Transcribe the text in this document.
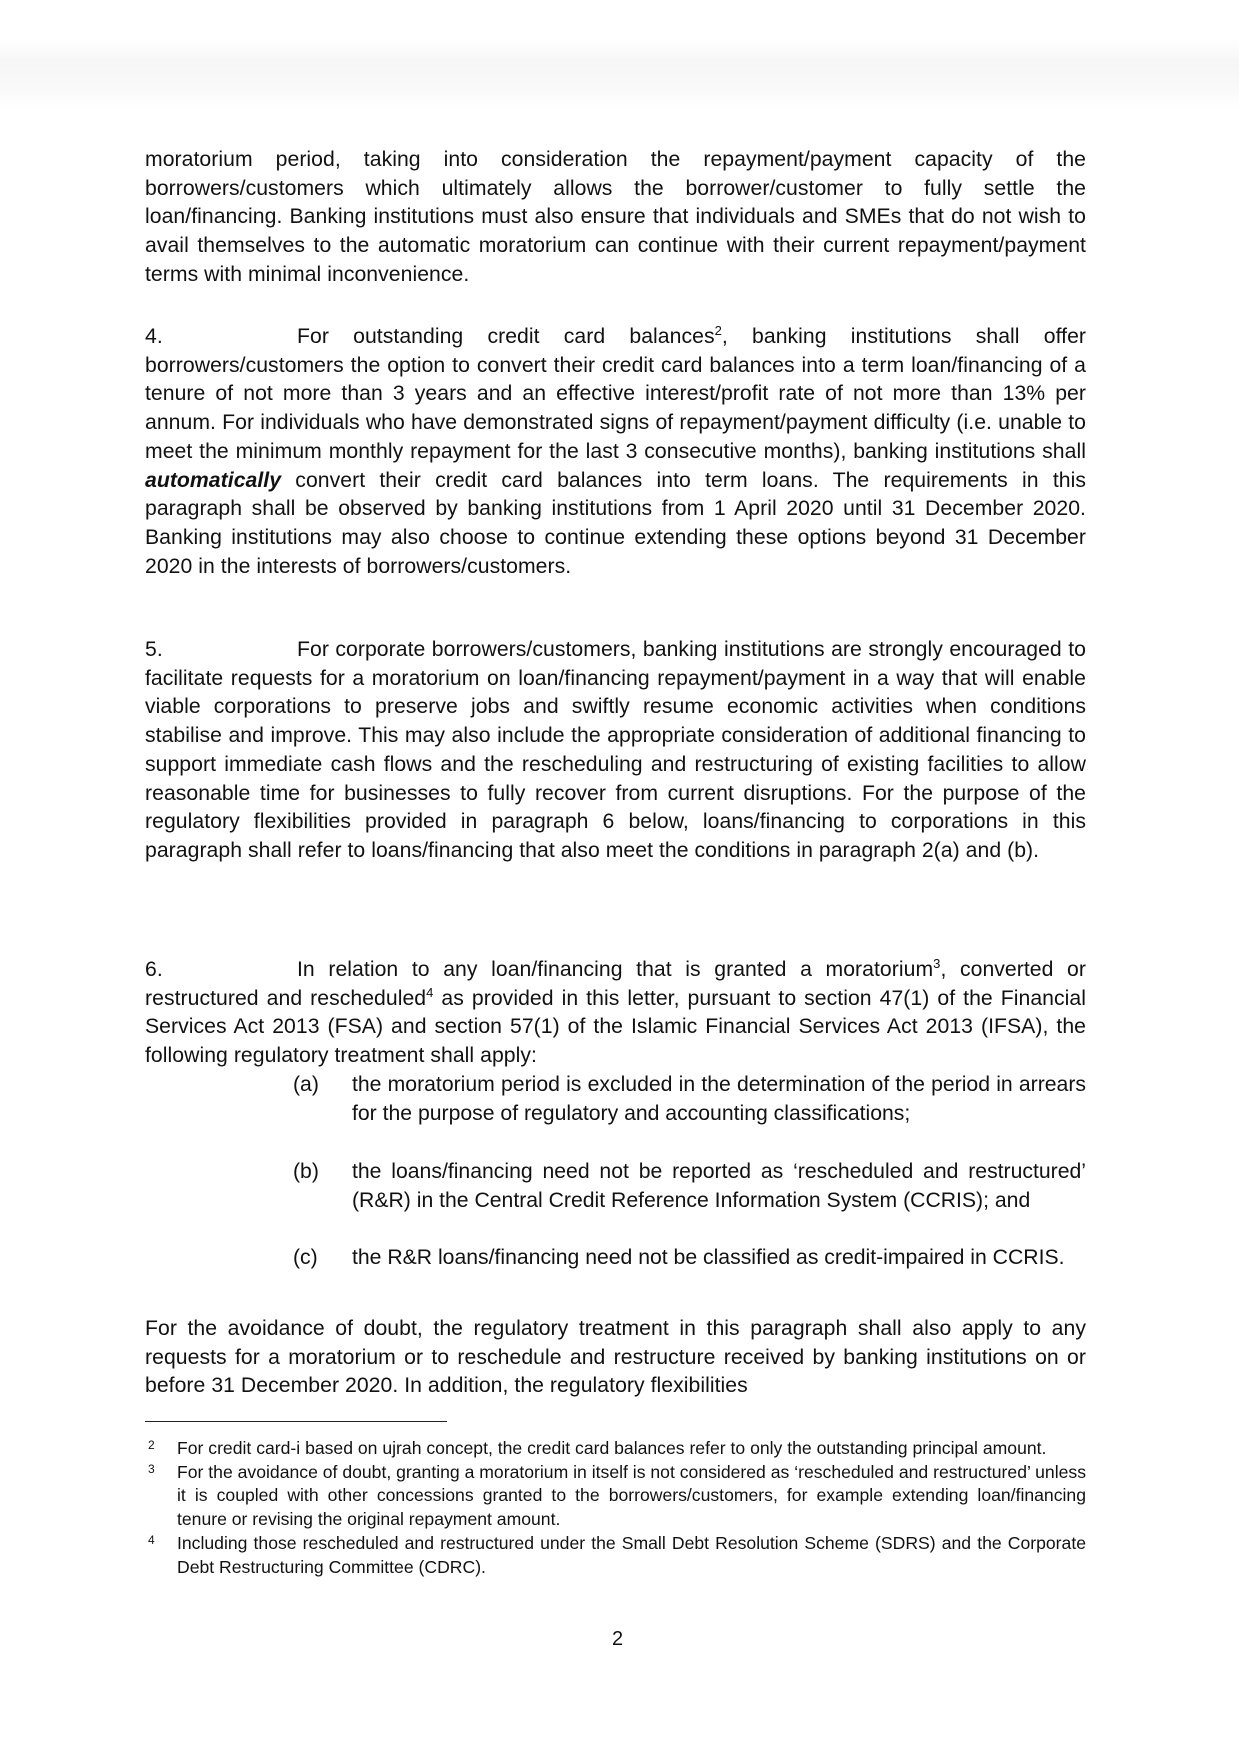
moratorium period, taking into consideration the repayment/payment capacity of the borrowers/customers which ultimately allows the borrower/customer to fully settle the loan/financing. Banking institutions must also ensure that individuals and SMEs that do not wish to avail themselves to the automatic moratorium can continue with their current repayment/payment terms with minimal inconvenience.

4.	For outstanding credit card balances$^2$, banking institutions shall offer borrowers/customers the option to convert their credit card balances into a term loan/financing of a tenure of not more than 3 years and an effective interest/profit rate of not more than 13% per annum. For individuals who have demonstrated signs of repayment/payment difficulty (i.e. unable to meet the minimum monthly repayment for the last 3 consecutive months), banking institutions shall automatically convert their credit card balances into term loans. The requirements in this paragraph shall be observed by banking institutions from 1 April 2020 until 31 December 2020. Banking institutions may also choose to continue extending these options beyond 31 December 2020 in the interests of borrowers/customers.

5.	For corporate borrowers/customers, banking institutions are strongly encouraged to facilitate requests for a moratorium on loan/financing repayment/payment in a way that will enable viable corporations to preserve jobs and swiftly resume economic activities when conditions stabilise and improve. This may also include the appropriate consideration of additional financing to support immediate cash flows and the rescheduling and restructuring of existing facilities to allow reasonable time for businesses to fully recover from current disruptions. For the purpose of the regulatory flexibilities provided in paragraph 6 below, loans/financing to corporations in this paragraph shall refer to loans/financing that also meet the conditions in paragraph 2(a) and (b).

6.	In relation to any loan/financing that is granted a moratorium$^3$, converted or restructured and rescheduled$^4$ as provided in this letter, pursuant to section 47(1) of the Financial Services Act 2013 (FSA) and section 57(1) of the Islamic Financial Services Act 2013 (IFSA), the following regulatory treatment shall apply:

(a) the moratorium period is excluded in the determination of the period in arrears for the purpose of regulatory and accounting classifications;

(b) the loans/financing need not be reported as ‘rescheduled and restructured’ (R&R) in the Central Credit Reference Information System (CCRIS); and

(c) the R&R loans/financing need not be classified as credit-impaired in CCRIS.

For the avoidance of doubt, the regulatory treatment in this paragraph shall also apply to any requests for a moratorium or to reschedule and restructure received by banking institutions on or before 31 December 2020. In addition, the regulatory flexibilities

2 For credit card-i based on ujrah concept, the credit card balances refer to only the outstanding principal amount.
3 For the avoidance of doubt, granting a moratorium in itself is not considered as ‘rescheduled and restructured’ unless it is coupled with other concessions granted to the borrowers/customers, for example extending loan/financing tenure or revising the original repayment amount.
4 Including those rescheduled and restructured under the Small Debt Resolution Scheme (SDRS) and the Corporate Debt Restructuring Committee (CDRC).
2
